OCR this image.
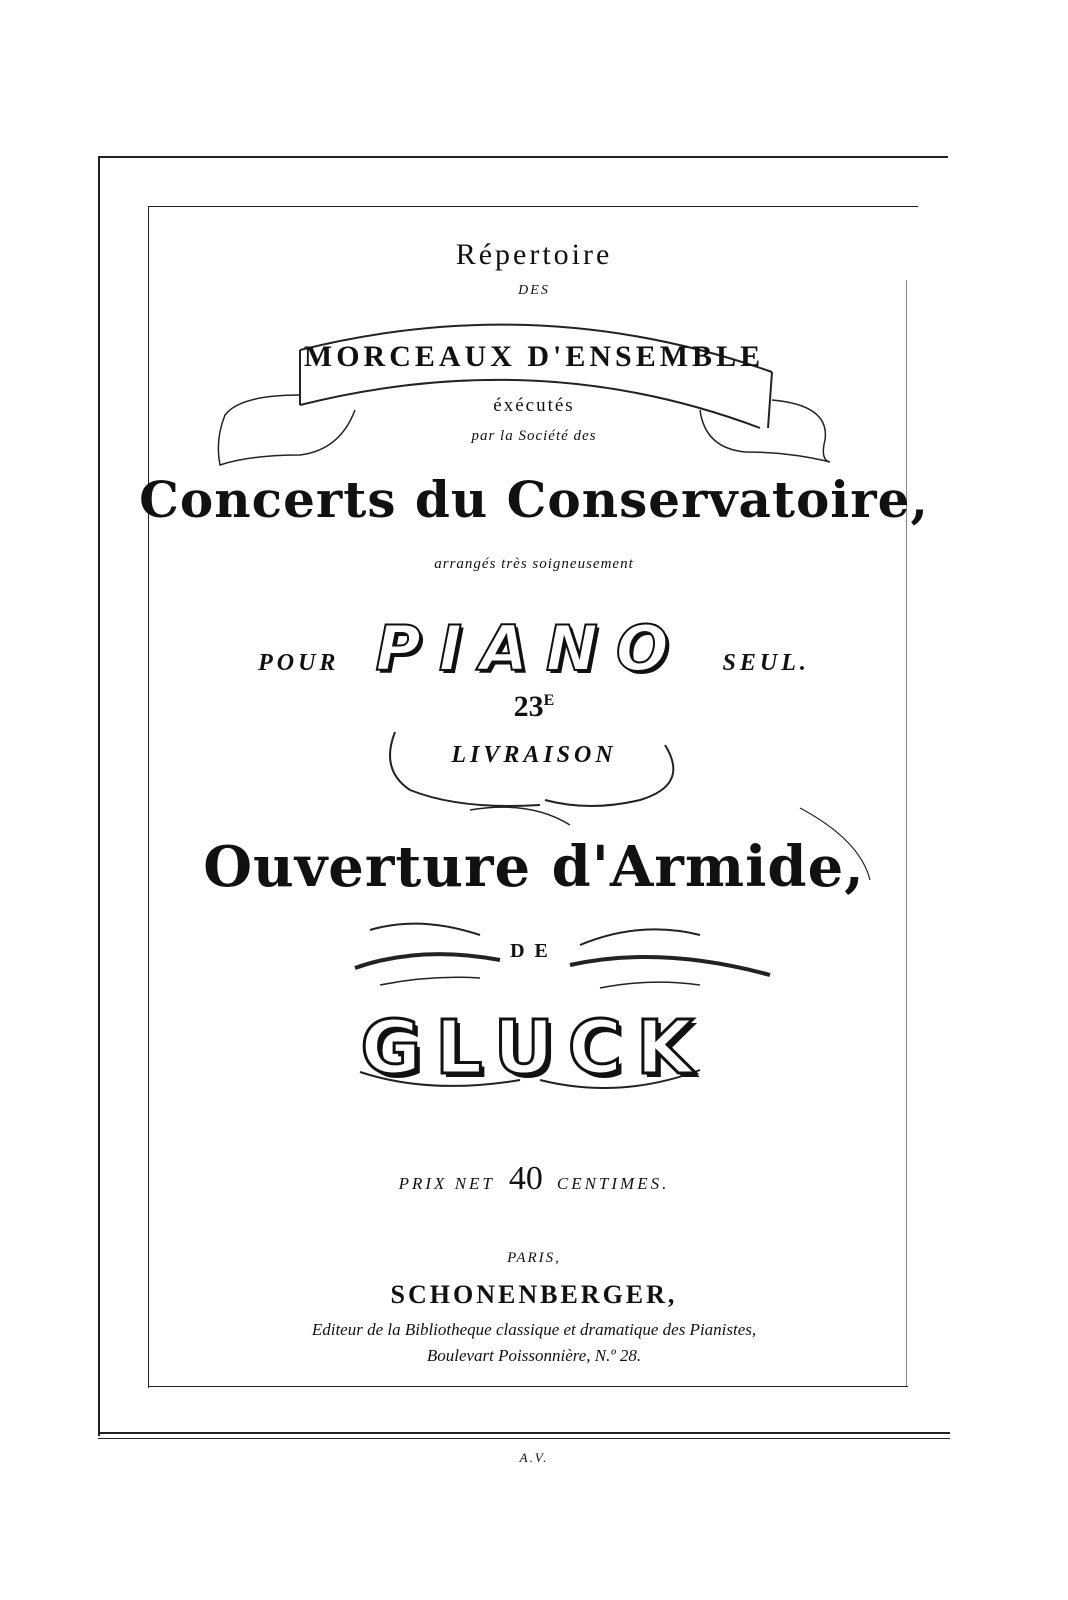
Répertoire
DES
MORCEAUX D'ENSEMBLE
éxécutés
par la Société des
Concerts du Conservatoire,
arrangés très soigneusement
POUR PIANO SEUL.
$23^E$
LIVRAISON
Ouverture d'Armide,
DE
GLUCK
PRIX NET 40 CENTIMES.
PARIS,
SCHONENBERGER,
Editeur de la Bibliotheque classique et dramatique des Pianistes,
Boulevart Poissonnière, N.º 28.
A.V.
